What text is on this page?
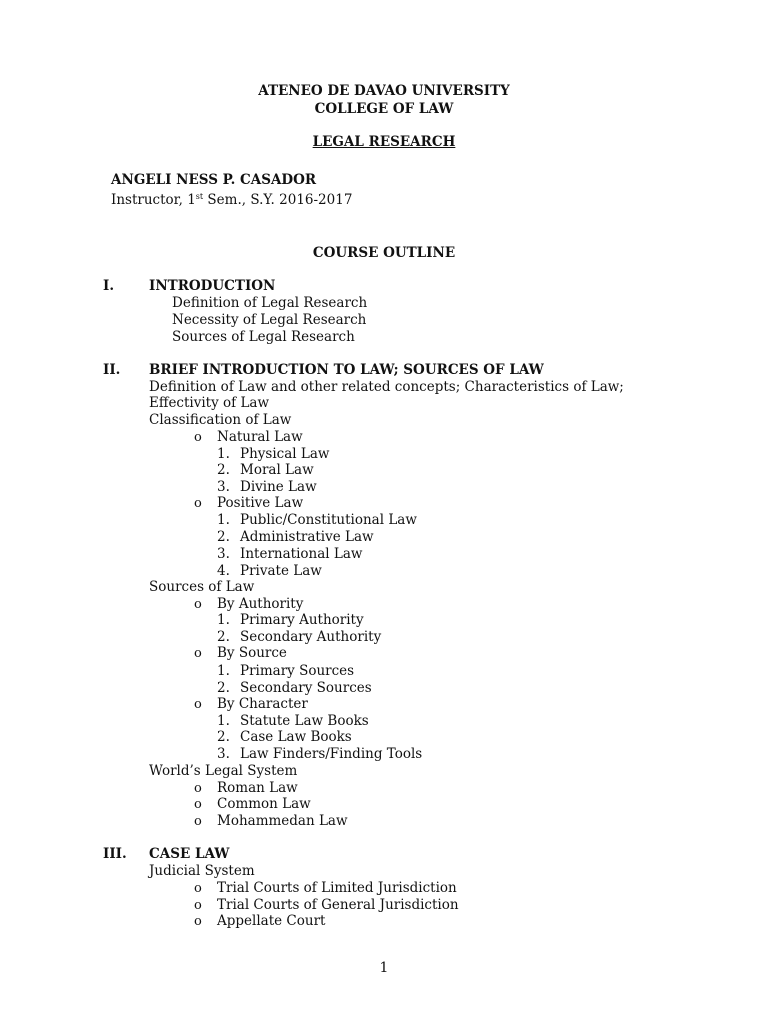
ATENEO DE DAVAO UNIVERSITY
COLLEGE OF LAW
LEGAL RESEARCH
ANGELI NESS P. CASADOR
Instructor, 1st Sem., S.Y. 2016-2017
COURSE OUTLINE
I.	INTRODUCTION
Definition of Legal Research
Necessity of Legal Research
Sources of Legal Research
II. BRIEF INTRODUCTION TO LAW; SOURCES OF LAW
Definition of Law and other related concepts; Characteristics of Law;
Effectivity of Law
Classification of Law
o Natural Law
1. Physical Law
2. Moral Law
3. Divine Law
o Positive Law
1. Public/Constitutional Law
2. Administrative Law
3. International Law
4. Private Law
Sources of Law
o By Authority
1. Primary Authority
2. Secondary Authority
o By Source
1. Primary Sources
2. Secondary Sources
o By Character
1. Statute Law Books
2. Case Law Books
3. Law Finders/Finding Tools
World’s Legal System
o Roman Law
o Common Law
o Mohammedan Law
III. CASE LAW
Judicial System
o Trial Courts of Limited Jurisdiction
o Trial Courts of General Jurisdiction
o Appellate Court
1
